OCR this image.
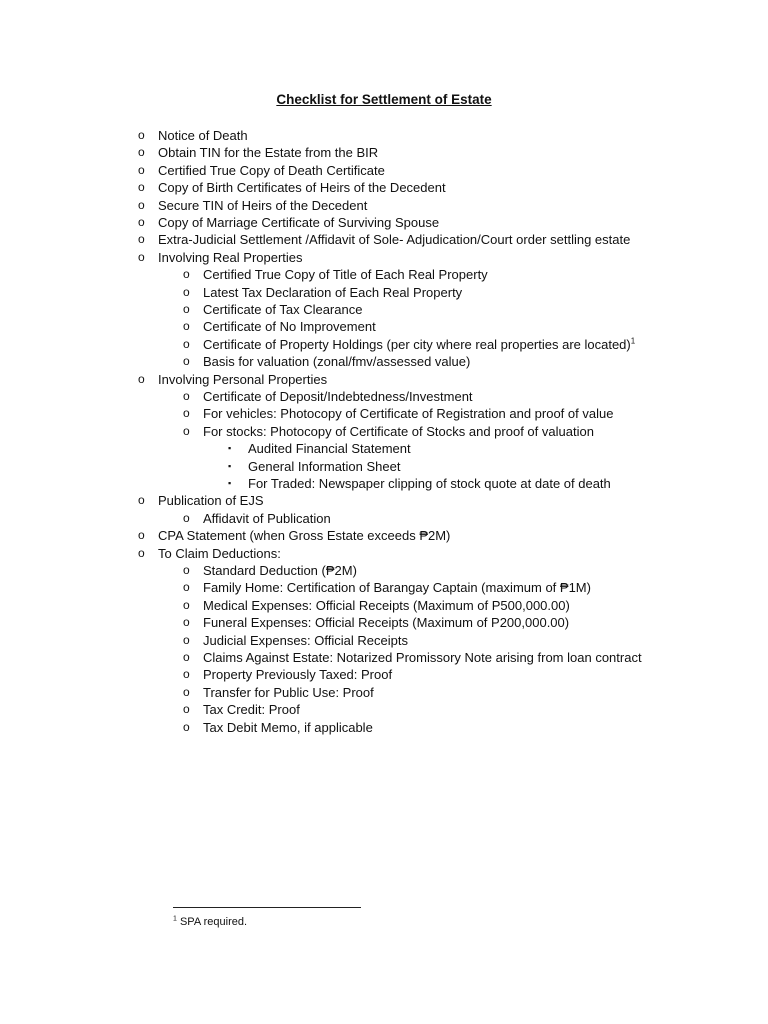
Checklist for Settlement of Estate
o Notice of Death
o Obtain TIN for the Estate from the BIR
o Certified True Copy of Death Certificate
o Copy of Birth Certificates of Heirs of the Decedent
o Secure TIN of Heirs of the Decedent
o Copy of Marriage Certificate of Surviving Spouse
o Extra-Judicial Settlement /Affidavit of Sole- Adjudication/Court order settling estate
o Involving Real Properties
o Certified True Copy of Title of Each Real Property
o Latest Tax Declaration of Each Real Property
o Certificate of Tax Clearance
o Certificate of No Improvement
o Certificate of Property Holdings (per city where real properties are located)$^1$
o Basis for valuation (zonal/fmv/assessed value)
o Involving Personal Properties
o Certificate of Deposit/Indebtedness/Investment
o For vehicles: Photocopy of Certificate of Registration and proof of value
o For stocks: Photocopy of Certificate of Stocks and proof of valuation
▪ Audited Financial Statement
▪ General Information Sheet
▪ For Traded: Newspaper clipping of stock quote at date of death
o Publication of EJS
o Affidavit of Publication
o CPA Statement (when Gross Estate exceeds ₱2M)
o To Claim Deductions:
o Standard Deduction (₱2M)
o Family Home: Certification of Barangay Captain (maximum of ₱1M)
o Medical Expenses: Official Receipts (Maximum of P500,000.00)
o Funeral Expenses: Official Receipts (Maximum of P200,000.00)
o Judicial Expenses: Official Receipts
o Claims Against Estate: Notarized Promissory Note arising from loan contract
o Property Previously Taxed: Proof
o Transfer for Public Use: Proof
o Tax Credit: Proof
o Tax Debit Memo, if applicable
$^1$ SPA required.
